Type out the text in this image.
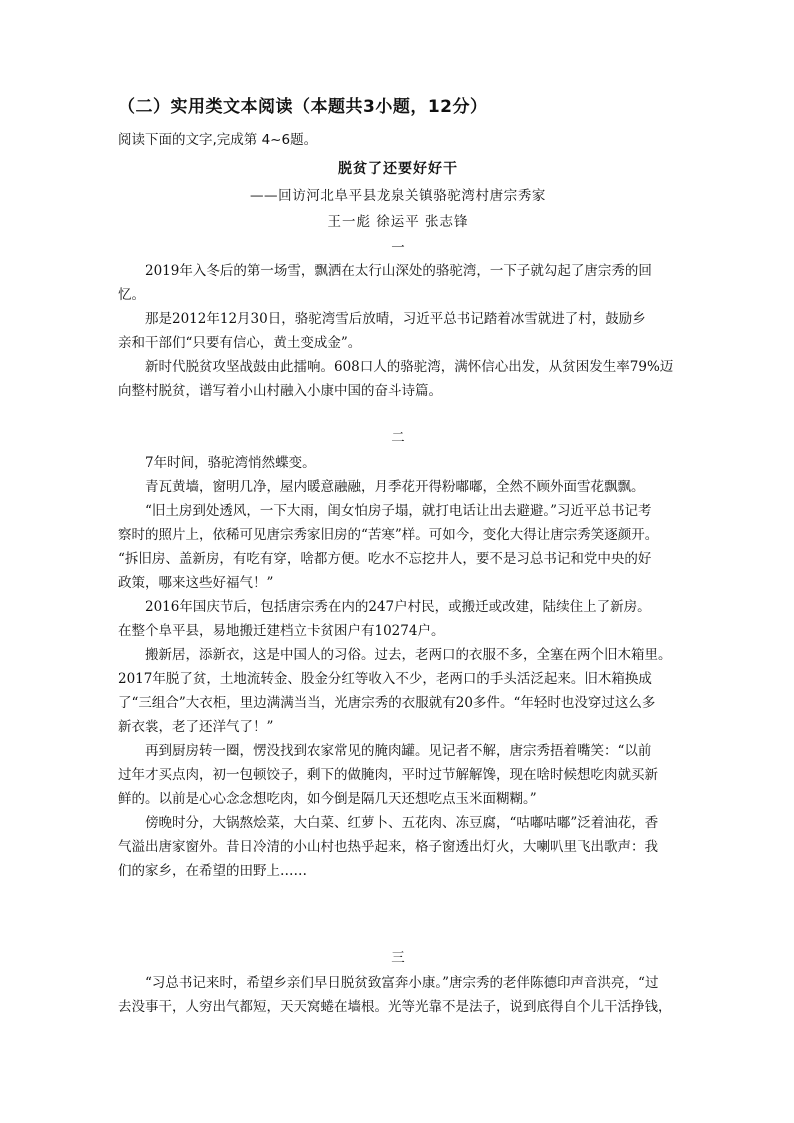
（二）实用类文本阅读（本题共3小题，12分）
阅读下面的文字,完成第 4~6题。
脱贫了还要好好干
——回访河北阜平县龙泉关镇骆驼湾村唐宗秀家
王一彪 徐运平 张志锋
一

2019年入冬后的第一场雪，飘洒在太行山深处的骆驼湾，一下子就勾起了唐宗秀的回

忆。

那是2012年12月30日，骆驼湾雪后放晴，习近平总书记踏着冰雪就进了村，鼓励乡

亲和干部们“只要有信心，黄土变成金”。

新时代脱贫攻坚战鼓由此擂响。608口人的骆驼湾，满怀信心出发，从贫困发生率79%迈

向整村脱贫，谱写着小山村融入小康中国的奋斗诗篇。

二

7年时间，骆驼湾悄然蝶变。

青瓦黄墙，窗明几净，屋内暖意融融，月季花开得粉嘟嘟，全然不顾外面雪花飘飘。

“旧土房到处透风，一下大雨，闺女怕房子塌，就打电话让出去避避。”习近平总书记考

察时的照片上，依稀可见唐宗秀家旧房的“苦寒”样。可如今，变化大得让唐宗秀笑逐颜开。

“拆旧房、盖新房，有吃有穿，啥都方便。吃水不忘挖井人，要不是习总书记和党中央的好

政策，哪来这些好福气！”

2016年国庆节后，包括唐宗秀在内的247户村民，或搬迁或改建，陆续住上了新房。

在整个阜平县，易地搬迁建档立卡贫困户有10274户。

搬新居，添新衣，这是中国人的习俗。过去，老两口的衣服不多，全塞在两个旧木箱里。

2017年脱了贫，土地流转金、股金分红等收入不少，老两口的手头活泛起来。旧木箱换成

了“三组合”大衣柜，里边满满当当，光唐宗秀的衣服就有20多件。“年轻时也没穿过这么多

新衣裳，老了还洋气了！”

再到厨房转一圈，愣没找到农家常见的腌肉罐。见记者不解，唐宗秀捂着嘴笑：“以前

过年才买点肉，初一包顿饺子，剩下的做腌肉，平时过节解解馋，现在啥时候想吃肉就买新

鲜的。以前是心心念念想吃肉，如今倒是隔几天还想吃点玉米面糊糊。”

傍晚时分，大锅熬烩菜，大白菜、红萝卜、五花肉、冻豆腐，“咕嘟咕嘟”泛着油花，香

气溢出唐家窗外。昔日冷清的小山村也热乎起来，格子窗透出灯火，大喇叭里飞出歌声：我

们的家乡，在希望的田野上……

三

“习总书记来时，希望乡亲们早日脱贫致富奔小康。”唐宗秀的老伴陈德印声音洪亮，“过

去没事干，人穷出气都短，天天窝蜷在墙根。光等光靠不是法子，说到底得自个儿干活挣钱，
